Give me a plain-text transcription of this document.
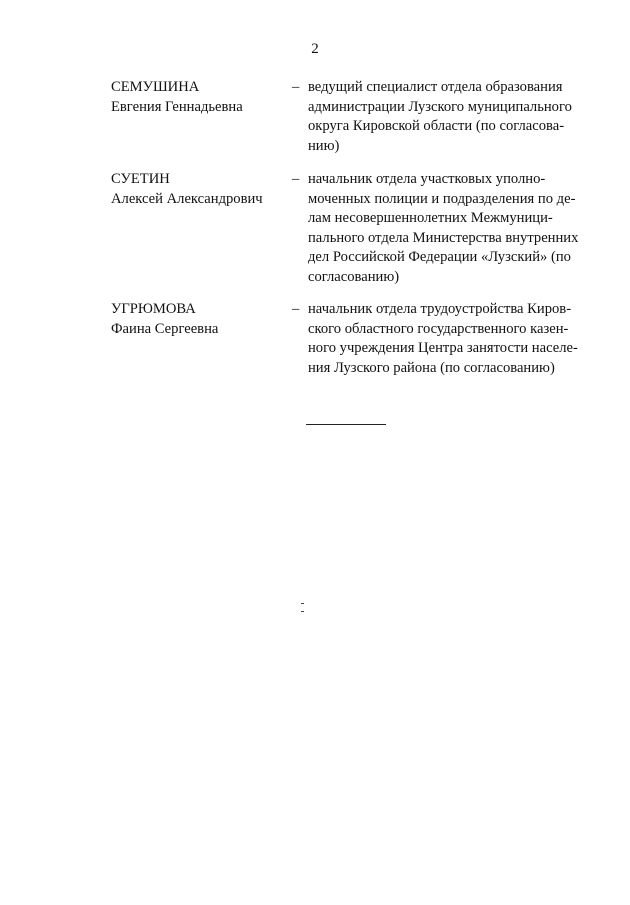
2
СЕМУШИНА
Евгения Геннадьевна
– ведущий специалист отдела образования
администрации Лузского муниципального
округа Кировской области (по согласова-
нию)
СУЕТИН
Алексей Александрович
– начальник отдела участковых уполно-
моченных полиции и подразделения по де-
лам несовершеннолетних Межмуници-
пального отдела Министерства внутренних
дел Российской Федерации «Лузский» (по
согласованию)
УГРЮМОВА
Фаина Сергеевна
– начальник отдела трудоустройства Киров-
ского областного государственного казен-
ного учреждения Центра занятости населе-
ния Лузского района (по согласованию)
